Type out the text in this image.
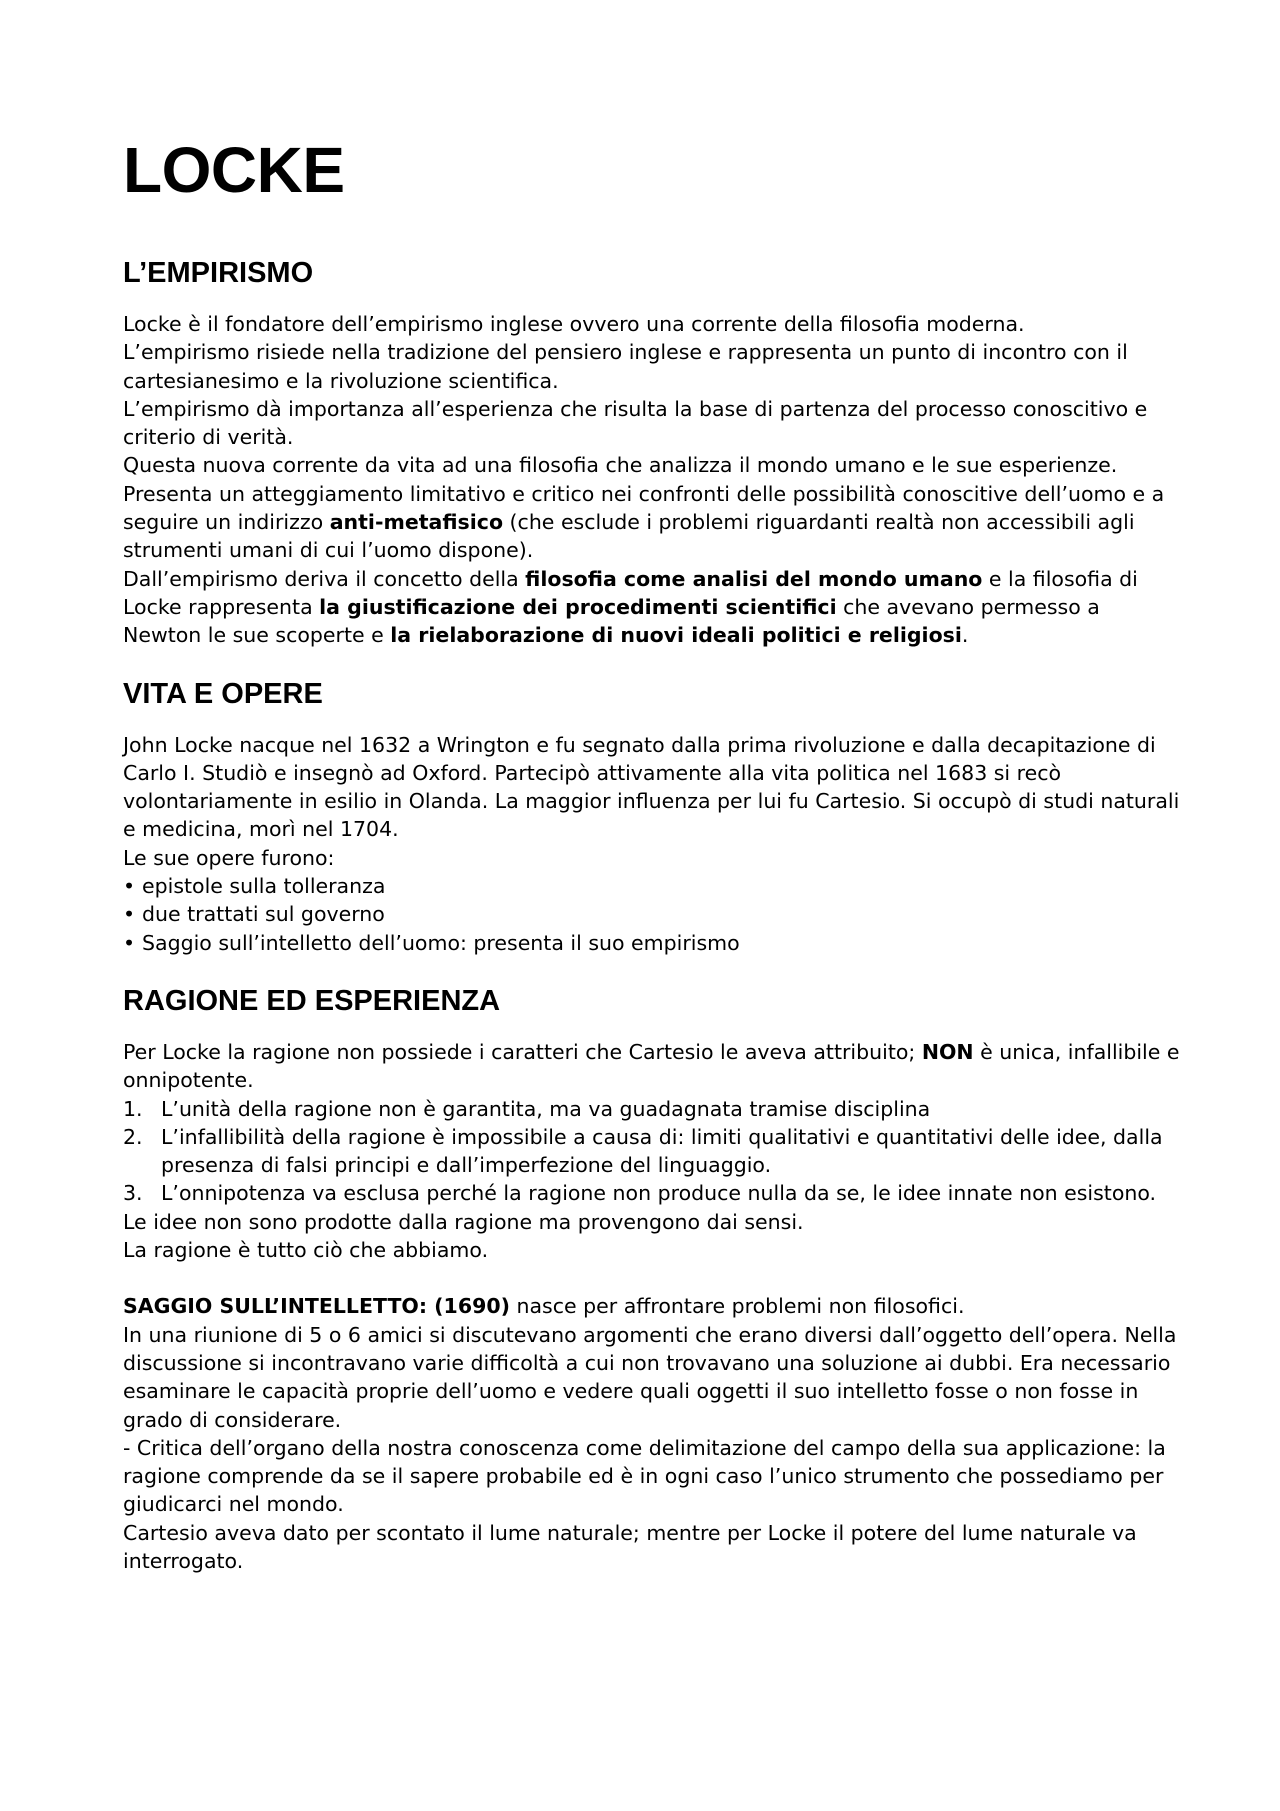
LOCKE
L’EMPIRISMO

Locke è il fondatore dell’empirismo inglese ovvero una corrente della filosofia moderna.

L’empirismo risiede nella tradizione del pensiero inglese e rappresenta un punto di incontro con il cartesianesimo e la rivoluzione scientifica.

L’empirismo dà importanza all’esperienza che risulta la base di partenza del processo conoscitivo e criterio di verità.

Questa nuova corrente da vita ad una filosofia che analizza il mondo umano e le sue esperienze.

Presenta un atteggiamento limitativo e critico nei confronti delle possibilità conoscitive dell’uomo e a seguire un indirizzo anti-metafisico (che esclude i problemi riguardanti realtà non accessibili agli strumenti umani di cui l’uomo dispone).

Dall’empirismo deriva il concetto della filosofia come analisi del mondo umano e la filosofia di Locke rappresenta la giustificazione dei procedimenti scientifici che avevano permesso a Newton le sue scoperte e la rielaborazione di nuovi ideali politici e religiosi.

VITA E OPERE

John Locke nacque nel 1632 a Wrington e fu segnato dalla prima rivoluzione e dalla decapitazione di Carlo I. Studiò e insegnò ad Oxford. Partecipò attivamente alla vita politica nel 1683 si recò volontariamente in esilio in Olanda. La maggior influenza per lui fu Cartesio. Si occupò di studi naturali e medicina, morì nel 1704.

Le sue opere furono:

• epistole sulla tolleranza
• due trattati sul governo
• Saggio sull’intelletto dell’uomo: presenta il suo empirismo
RAGIONE ED ESPERIENZA

Per Locke la ragione non possiede i caratteri che Cartesio le aveva attribuito; NON è unica, infallibile e onnipotente.

1. L’unità della ragione non è garantita, ma va guadagnata tramise disciplina
2. L’infallibilità della ragione è impossibile a causa di: limiti qualitativi e quantitativi delle idee, dalla presenza di falsi principi e dall’imperfezione del linguaggio.
3. L’onnipotenza va esclusa perché la ragione non produce nulla da se, le idee innate non esistono.

Le idee non sono prodotte dalla ragione ma provengono dai sensi.

La ragione è tutto ciò che abbiamo.

SAGGIO SULL’INTELLETTO: (1690) nasce per affrontare problemi non filosofici.

In una riunione di 5 o 6 amici si discutevano argomenti che erano diversi dall’oggetto dell’opera. Nella discussione si incontravano varie difficoltà a cui non trovavano una soluzione ai dubbi. Era necessario esaminare le capacità proprie dell’uomo e vedere quali oggetti il suo intelletto fosse o non fosse in grado di considerare.

- Critica dell’organo della nostra conoscenza come delimitazione del campo della sua applicazione: la ragione comprende da se il sapere probabile ed è in ogni caso l’unico strumento che possediamo per giudicarci nel mondo.

Cartesio aveva dato per scontato il lume naturale; mentre per Locke il potere del lume naturale va interrogato.
